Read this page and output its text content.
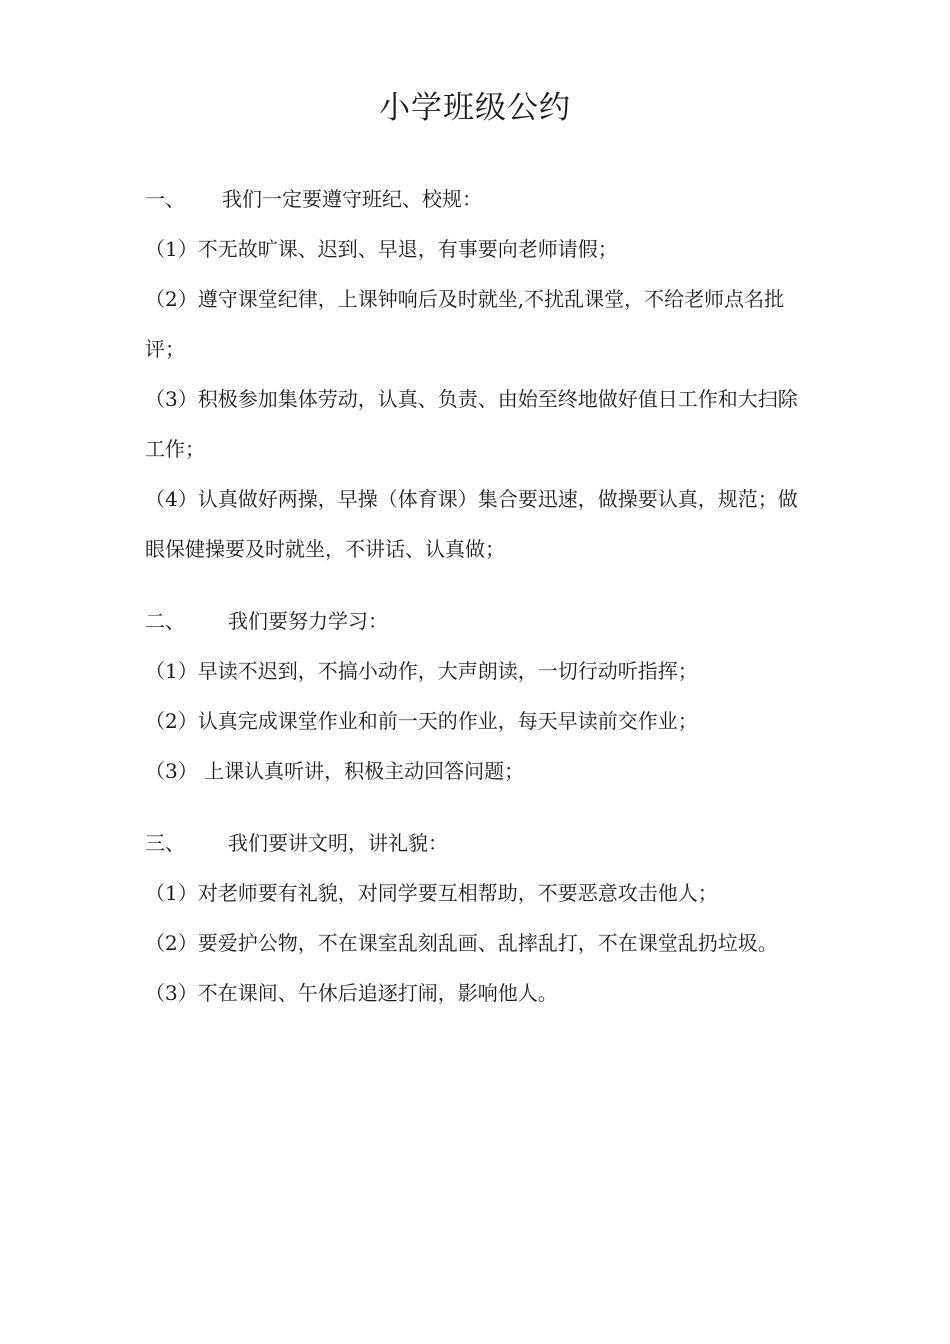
小学班级公约
一、	我们一定要遵守班纪、校规：

（1）不无故旷课、迟到、早退，有事要向老师请假；

（2）遵守课堂纪律，上课钟响后及时就坐,不扰乱课堂，不给老师点名批评；

（3）积极参加集体劳动，认真、负责、由始至终地做好值日工作和大扫除工作；

（4）认真做好两操，早操（体育课）集合要迅速，做操要认真，规范；做眼保健操要及时就坐，不讲话、认真做；

二、	我们要努力学习：

（1）早读不迟到，不搞小动作，大声朗读，一切行动听指挥；

（2）认真完成课堂作业和前一天的作业，每天早读前交作业；

（3） 上课认真听讲，积极主动回答问题；

三、	我们要讲文明，讲礼貌：

（1）对老师要有礼貌，对同学要互相帮助，不要恶意攻击他人；

（2）要爱护公物，不在课室乱刻乱画、乱摔乱打，不在课堂乱扔垃圾。

（3）不在课间、午休后追逐打闹，影响他人。
